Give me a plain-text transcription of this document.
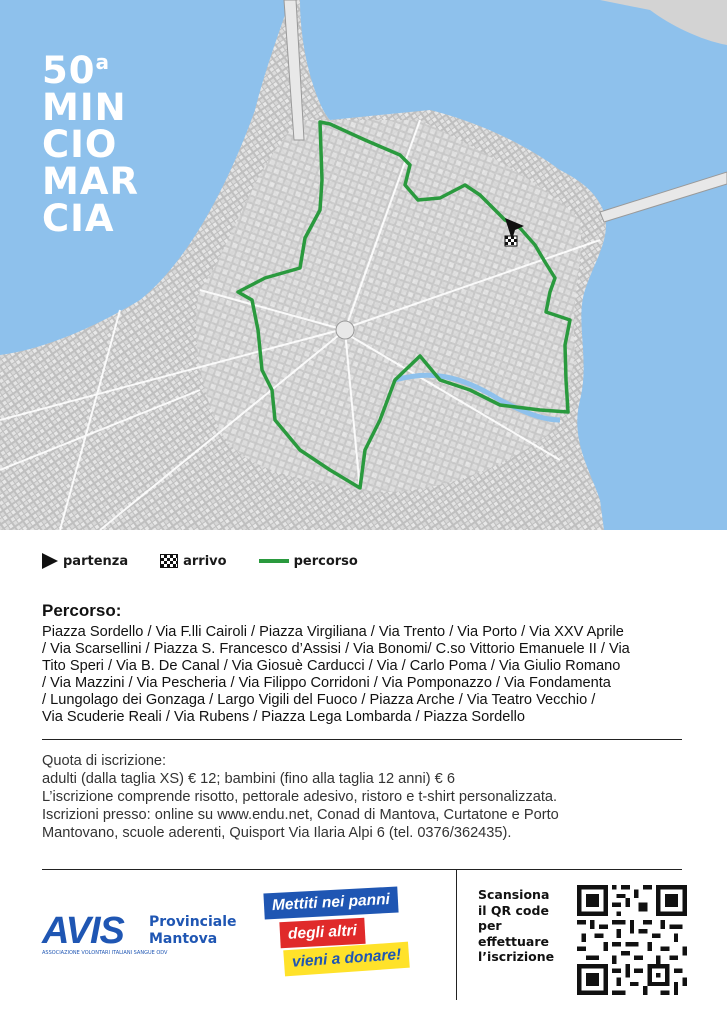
50$^a$
MIN
CIO
MAR
CIA
partenza	arrivo	percorso
Percorso:

Piazza Sordello / Via F.lli Cairoli / Piazza Virgiliana / Via Trento / Via Porto / Via XXV Aprile

/ Via Scarsellini / Piazza S. Francesco d’Assisi / Via Bonomi/ C.so Vittorio Emanuele II / Via

Tito Speri / Via B. De Canal / Via Giosuè Carducci / Via / Carlo Poma / Via Giulio Romano

/ Via Mazzini / Via Pescheria / Via Filippo Corridoni / Via Pomponazzo / Via Fondamenta

/ Lungolago dei Gonzaga / Largo Vigili del Fuoco / Piazza Arche / Via Teatro Vecchio /

Via Scuderie Reali / Via Rubens / Piazza Lega Lombarda / Piazza Sordello

Quota di iscrizione:
adulti (dalla taglia XS) € 12; bambini (fino alla taglia 12 anni) € 6
L’iscrizione comprende risotto, pettorale adesivo, ristoro e t-shirt personalizzata.
Iscrizioni presso: online su www.endu.net, Conad di Mantova, Curtatone e Porto
Mantovano, scuole aderenti, Quisport Via Ilaria Alpi 6 (tel. 0376/362435).
AVIS
ASSOCIAZIONE VOLONTARI ITALIANI SANGUE ODV
Provinciale
Mantova
Mettiti nei panni
degli altri
vieni a donare!
Scansiona
il QR code
per
effettuare
l’iscrizione
